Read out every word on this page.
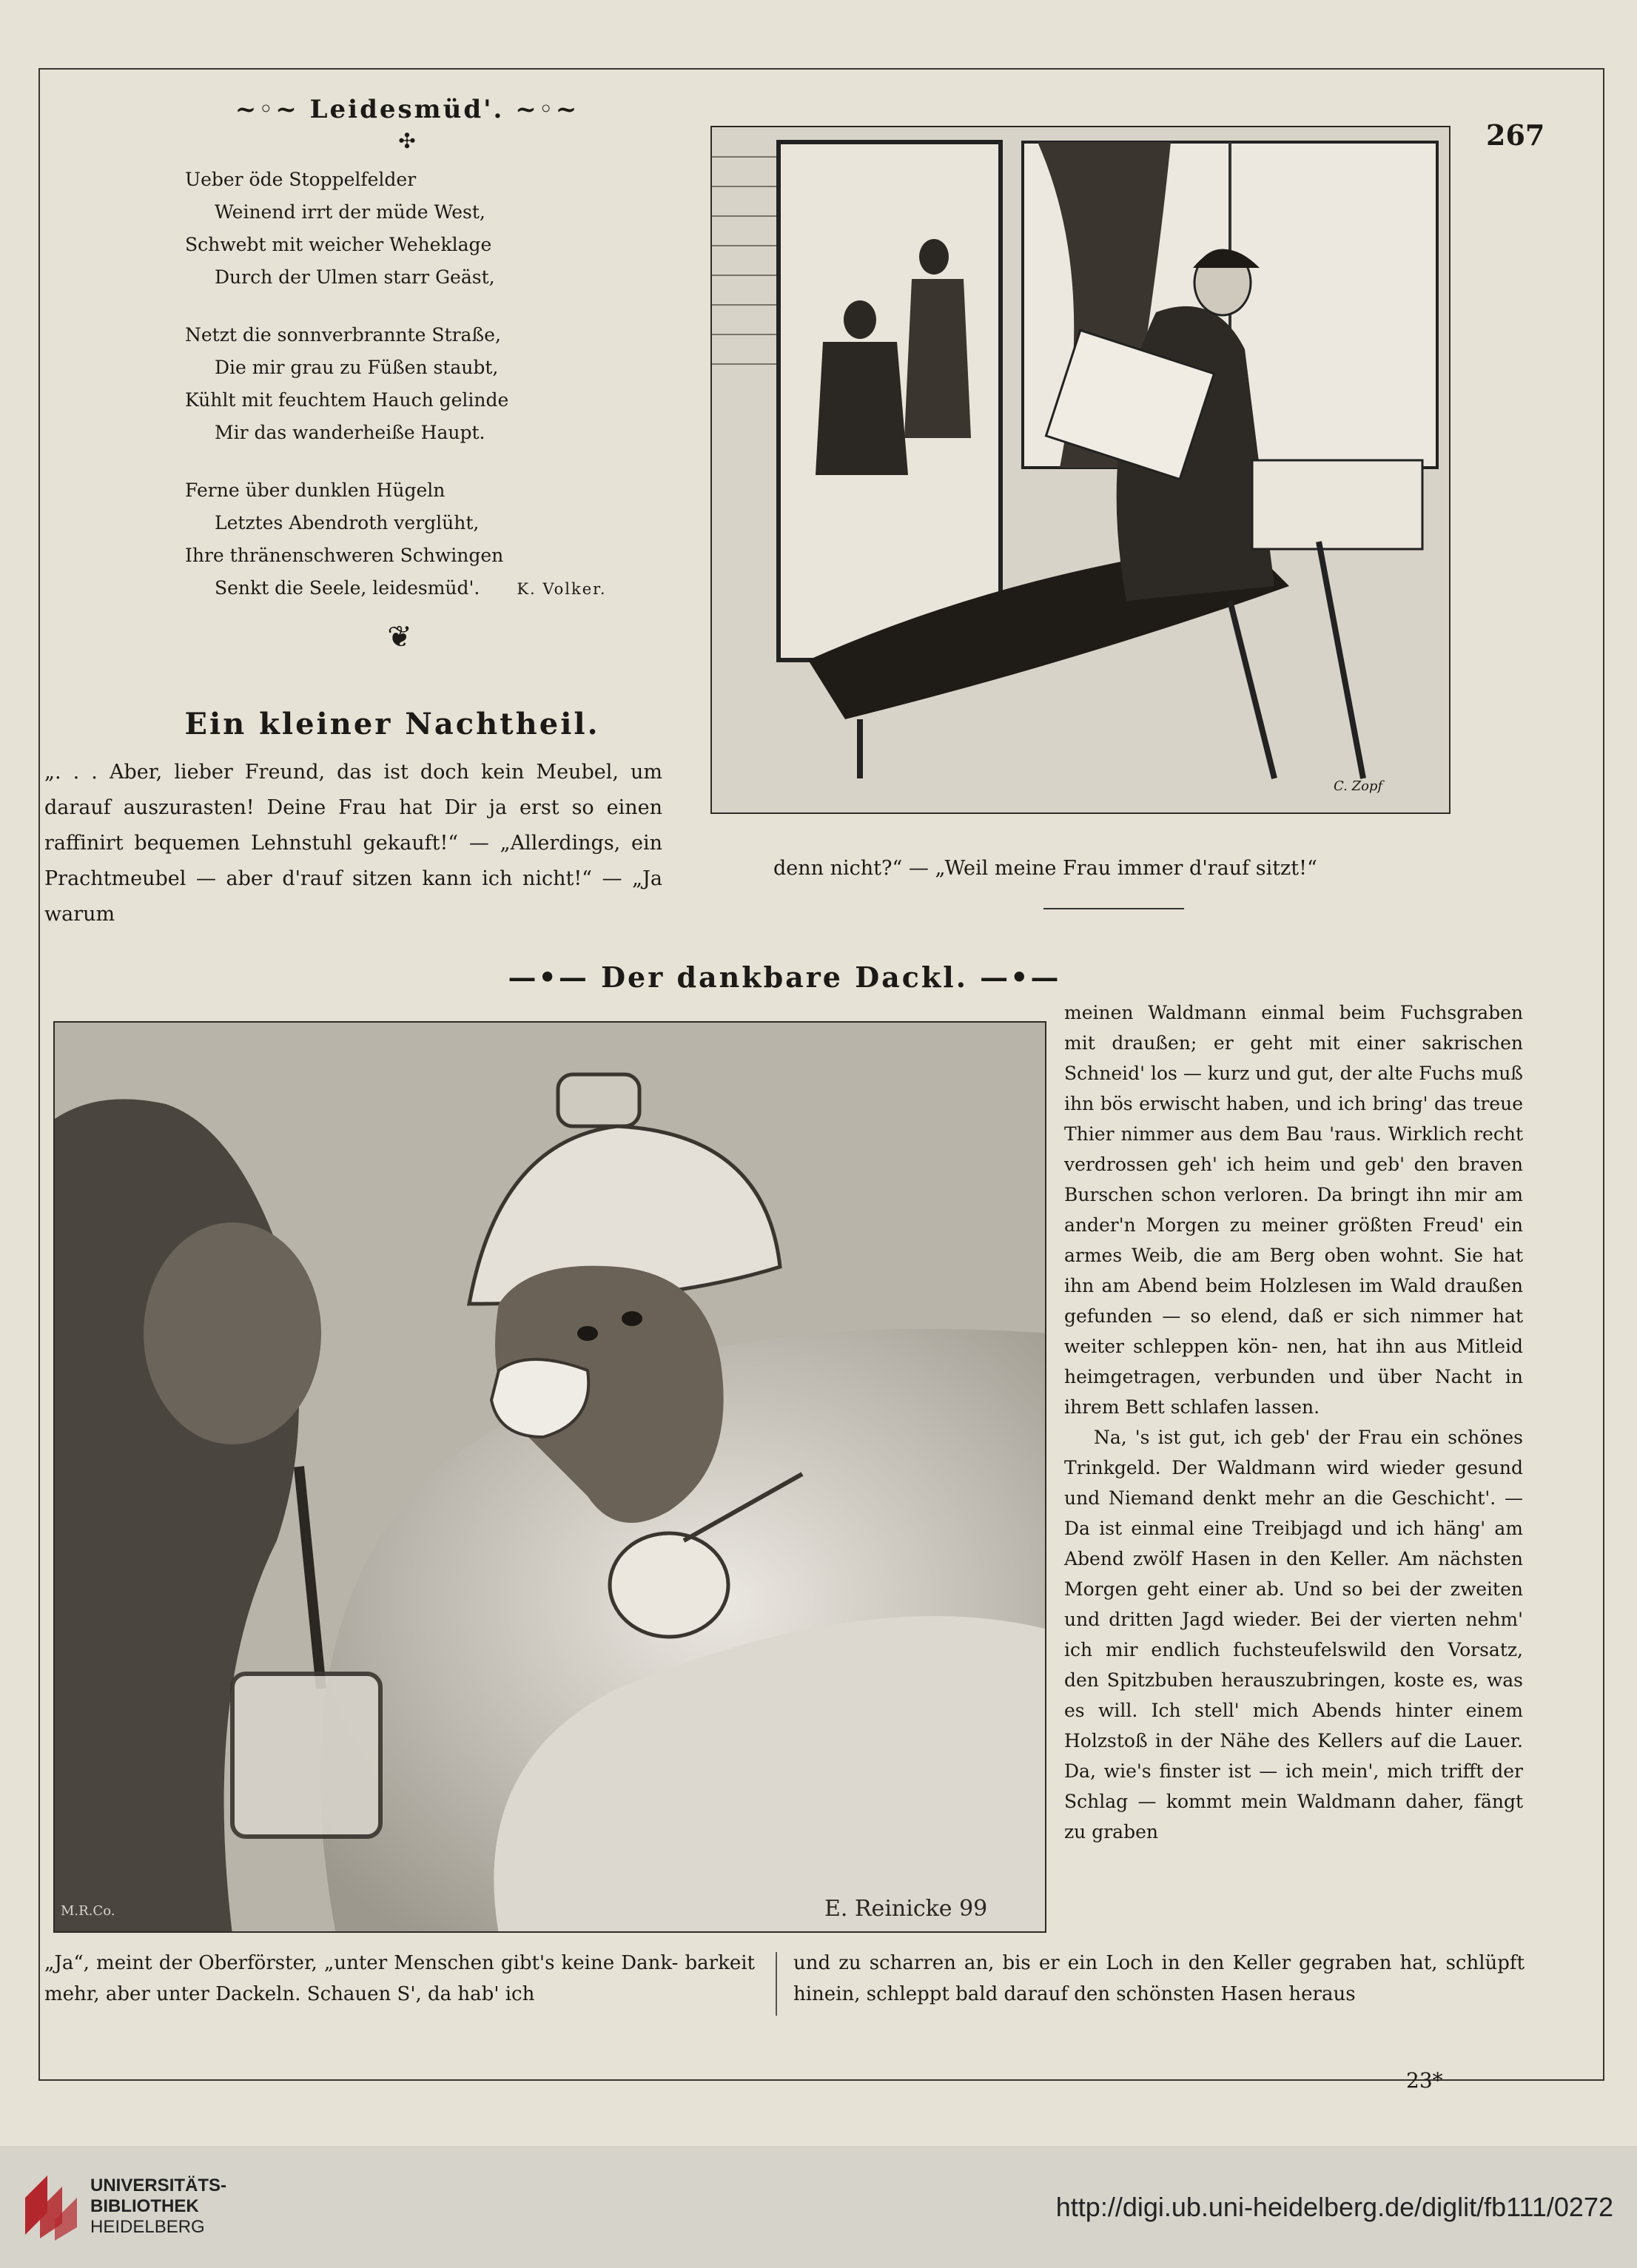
267
~◦~ Leidesmüd'. ~◦~
✣
Ueber öde Stoppelfelder
Weinend irrt der müde West,
Schwebt mit weicher Weheklage
Durch der Ulmen starr Geäst,
Netzt die sonnverbrannte Straße,
Die mir grau zu Füßen staubt,
Kühlt mit feuchtem Hauch gelinde
Mir das wanderheiße Haupt.
Ferne über dunklen Hügeln
Letztes Abendroth verglüht,
Ihre thränenschweren Schwingen
Senkt die Seele, leidesmüd'. K. Volker.
❦
Ein kleiner Nachtheil.

„. . . Aber, lieber Freund, das ist doch kein Meubel, um darauf auszurasten! Deine Frau hat Dir ja erst so einen raffinirt bequemen Lehnstuhl gekauft!“ — „Allerdings, ein Prachtmeubel — aber d'rauf sitzen kann ich nicht!“ — „Ja warum

denn nicht?“ — „Weil meine Frau immer d'rauf sitzt!“
C. Zopf
—•— Der dankbare Dackl. —•—
E. Reinicke 99
M.R.Co.

meinen Waldmann einmal beim Fuchsgraben mit draußen; er geht mit einer sakrischen Schneid' los — kurz und gut, der alte Fuchs muß ihn bös erwischt haben, und ich bring' das treue Thier nimmer aus dem Bau 'raus. Wirklich recht verdrossen geh' ich heim und geb' den braven Burschen schon verloren. Da bringt ihn mir am ander'n Morgen zu meiner größten Freud' ein armes Weib, die am Berg oben wohnt. Sie hat ihn am Abend beim Holzlesen im Wald draußen gefunden — so elend, daß er sich nimmer hat weiter schleppen kön- nen, hat ihn aus Mitleid heimgetragen, verbunden und über Nacht in ihrem Bett schlafen lassen.

Na, 's ist gut, ich geb' der Frau ein schönes Trinkgeld. Der Waldmann wird wieder gesund und Niemand denkt mehr an die Geschicht'. — Da ist einmal eine Treibjagd und ich häng' am Abend zwölf Hasen in den Keller. Am nächsten Morgen geht einer ab. Und so bei der zweiten und dritten Jagd wieder. Bei der vierten nehm' ich mir endlich fuchsteufelswild den Vorsatz, den Spitzbuben herauszubringen, koste es, was es will. Ich stell' mich Abends hinter einem Holzstoß in der Nähe des Kellers auf die Lauer. Da, wie's finster ist — ich mein', mich trifft der Schlag — kommt mein Waldmann daher, fängt zu graben

„Ja“, meint der Oberförster, „unter Menschen gibt's keine Dank- barkeit mehr, aber unter Dackeln. Schauen S', da hab' ich

und zu scharren an, bis er ein Loch in den Keller gegraben hat, schlüpft hinein, schleppt bald darauf den schönsten Hasen heraus

23*
UNIVERSITÄTS-
BIBLIOTHEK
HEIDELBERG
http://digi.ub.uni-heidelberg.de/diglit/fb111/0272
